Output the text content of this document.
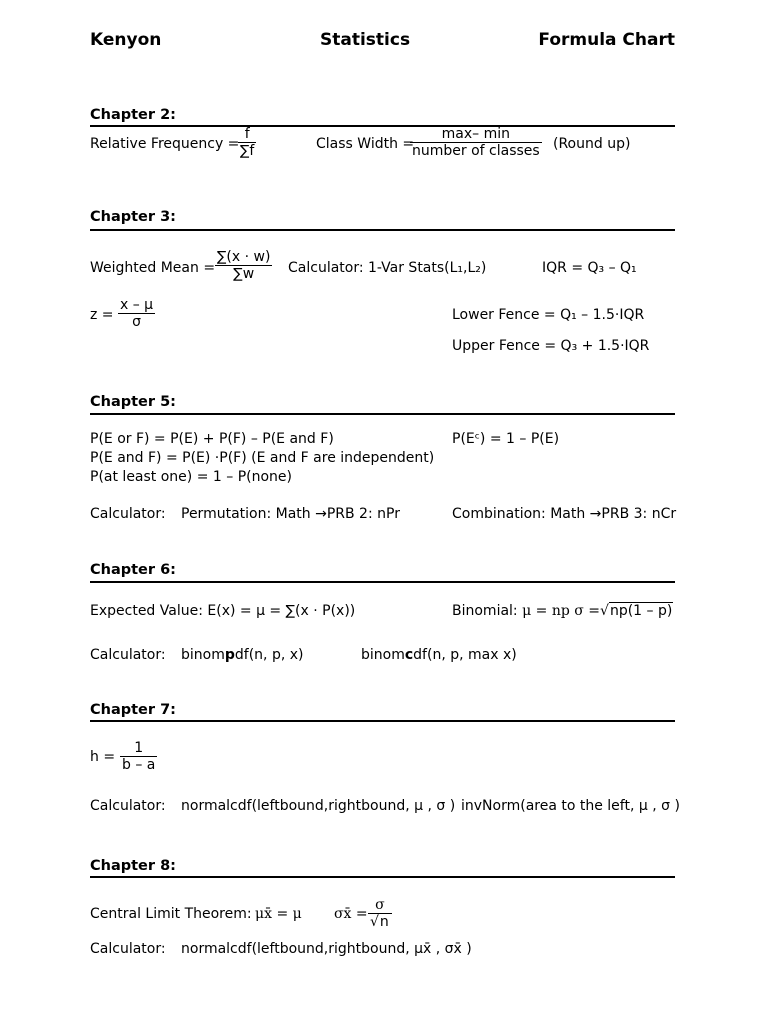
Kenyon	Statistics	Formula Chart
Chapter 2:
Relative Frequency =
$\frac{f}{\sum f}$	Class Width =
max– min
number of classes (Round up)
Chapter 3:
Weighted Mean = $\frac{\sum(x \cdot w)}{\sum w}$ Calculator: 1-Var Stats(L₁,L₂)	IQR = Q₃ – Q₁
$z = \frac{x - \mu}{\sigma}$	Lower Fence = Q₁ – 1.5·IQR
Upper Fence = Q₃ + 1.5·IQR
Chapter 5:
P(E or F) = P(E) + P(F) – P(E and F)
P(E and F) = P(E) ·P(F) (E and F are independent)
P(at least one) = 1 – P(none)
P(Eᶜ) = 1 – P(E)
Calculator: Permutation: Math →PRB 2: nPr	Combination: Math →PRB 3: nCr
Chapter 6:
Expected Value: E(x) = μ = ∑(x · P(x))	Binomial: μ = np σ =√np(1 – p)
Calculator: binompdf(n, p, x)	binomcdf(n, p, max x)
Chapter 7:
$h = \frac{1}{b - a}$
Calculator: normalcdf(leftbound,rightbound, μ , σ ) invNorm(area to the left, μ , σ )
Chapter 8:
Central Limit Theorem: μx̄ = μ σx̄ = $\frac{\sigma}{√n}$
Calculator: normalcdf(leftbound,rightbound, μx̄ , σx̄ )
